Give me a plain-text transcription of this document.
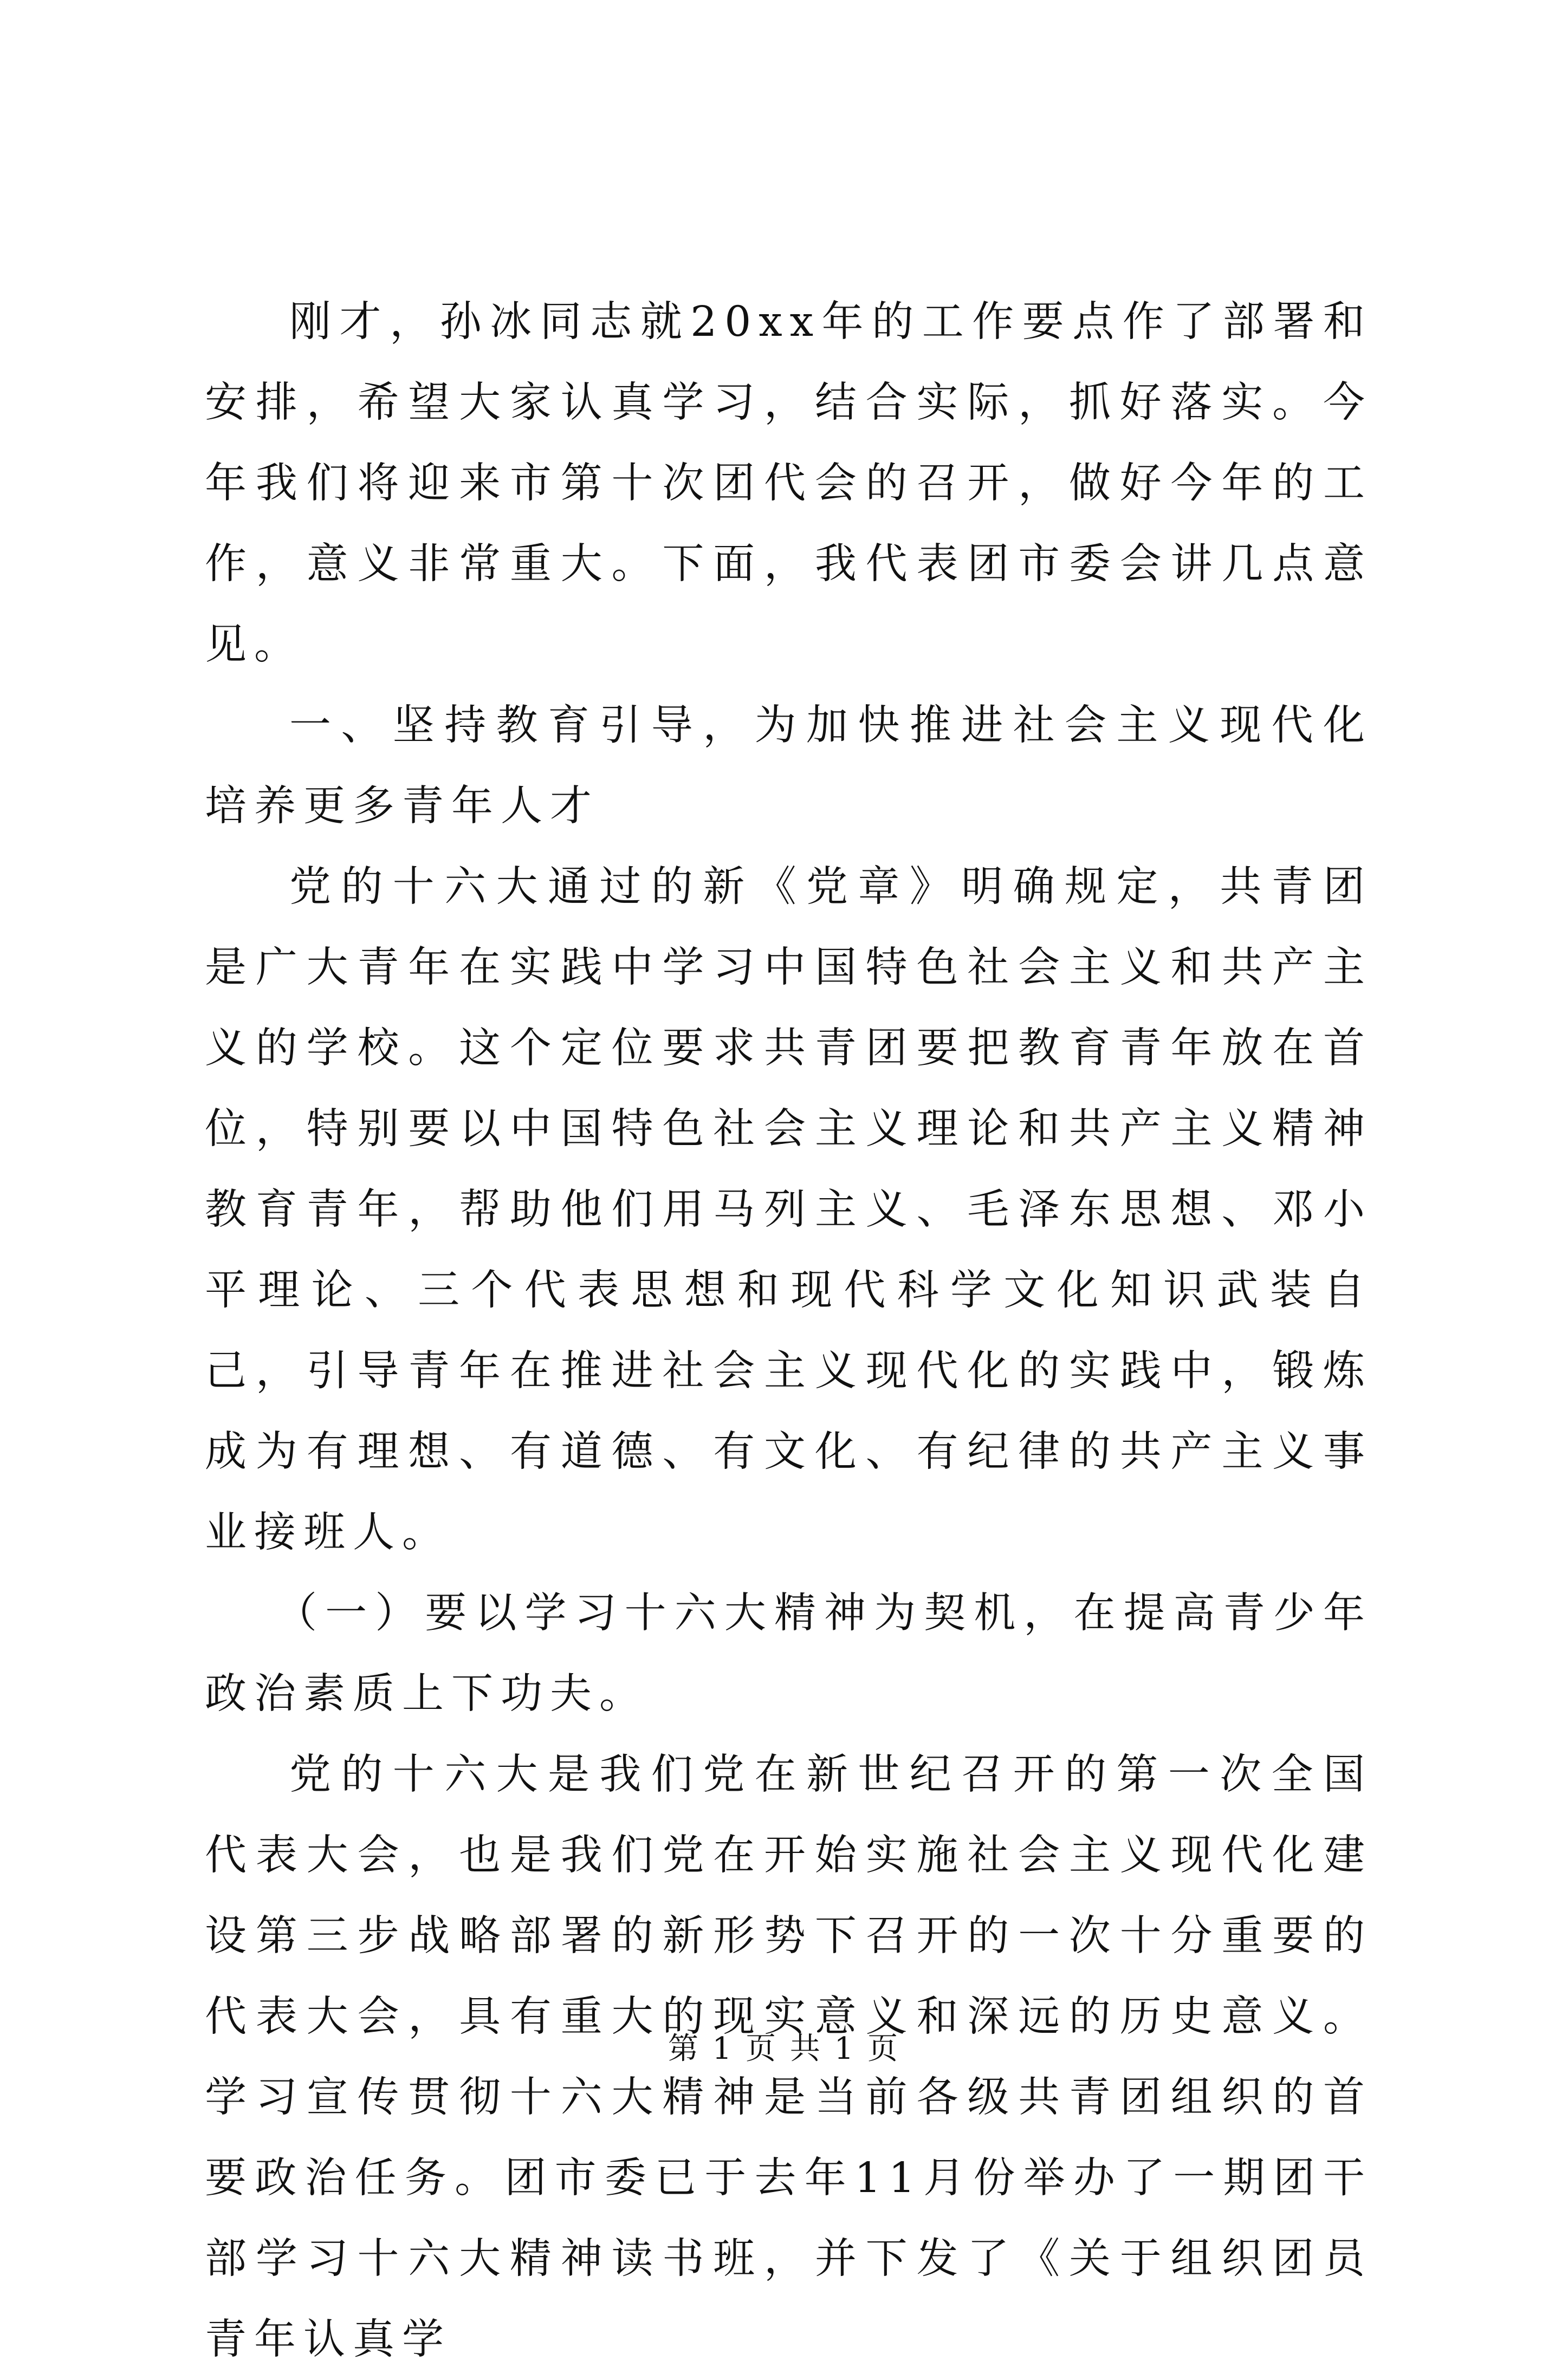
刚才，孙冰同志就20xx年的工作要点作了部署和安排，希望大家认真学习，结合实际，抓好落实。今年我们将迎来市第十次团代会的召开，做好今年的工作，意义非常重大。下面，我代表团市委会讲几点意见。

一、坚持教育引导，为加快推进社会主义现代化培养更多青年人才

党的十六大通过的新《党章》明确规定，共青团是广大青年在实践中学习中国特色社会主义和共产主义的学校。这个定位要求共青团要把教育青年放在首位，特别要以中国特色社会主义理论和共产主义精神教育青年，帮助他们用马列主义、毛泽东思想、邓小平理论、三个代表思想和现代科学文化知识武装自己，引导青年在推进社会主义现代化的实践中，锻炼成为有理想、有道德、有文化、有纪律的共产主义事业接班人。

（一）要以学习十六大精神为契机，在提高青少年政治素质上下功夫。

党的十六大是我们党在新世纪召开的第一次全国代表大会，也是我们党在开始实施社会主义现代化建设第三步战略部署的新形势下召开的一次十分重要的代表大会，具有重大的现实意义和深远的历史意义。学习宣传贯彻十六大精神是当前各级共青团组织的首要政治任务。团市委已于去年11月份举办了一期团干部学习十六大精神读书班，并下发了《关于组织团员青年认真学

第 1 页 共 1 页
